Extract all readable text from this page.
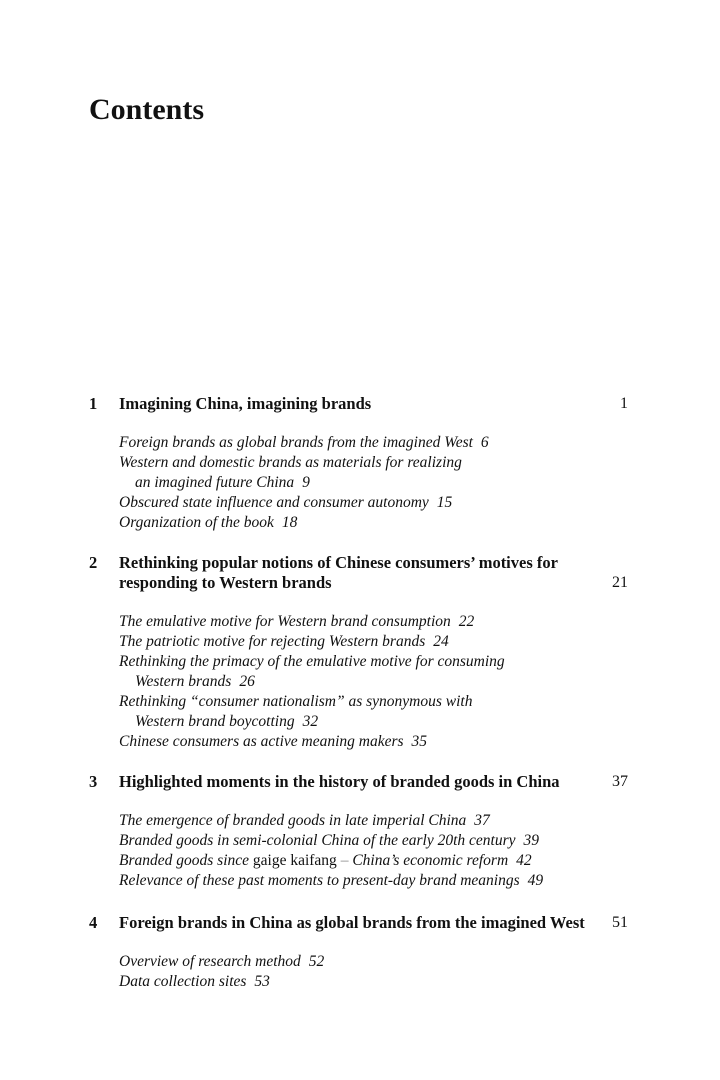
Contents
1 Imagining China, imagining brands	1
Foreign brands as global brands from the imagined West 6
Western and domestic brands as materials for realizing
an imagined future China 9
Obscured state influence and consumer autonomy 15
Organization of the book 18
2 Rethinking popular notions of Chinese consumers’ motives for
responding to Western brands	21
The emulative motive for Western brand consumption 22
The patriotic motive for rejecting Western brands 24
Rethinking the primacy of the emulative motive for consuming
Western brands 26
Rethinking “consumer nationalism” as synonymous with
Western brand boycotting 32
Chinese consumers as active meaning makers 35
3 Highlighted moments in the history of branded goods in China	37
The emergence of branded goods in late imperial China 37
Branded goods in semi-colonial China of the early 20th century 39
Branded goods since gaige kaifang – China’s economic reform 42
Relevance of these past moments to present-day brand meanings 49
4 Foreign brands in China as global brands from the imagined West 51
Overview of research method 52
Data collection sites 53
